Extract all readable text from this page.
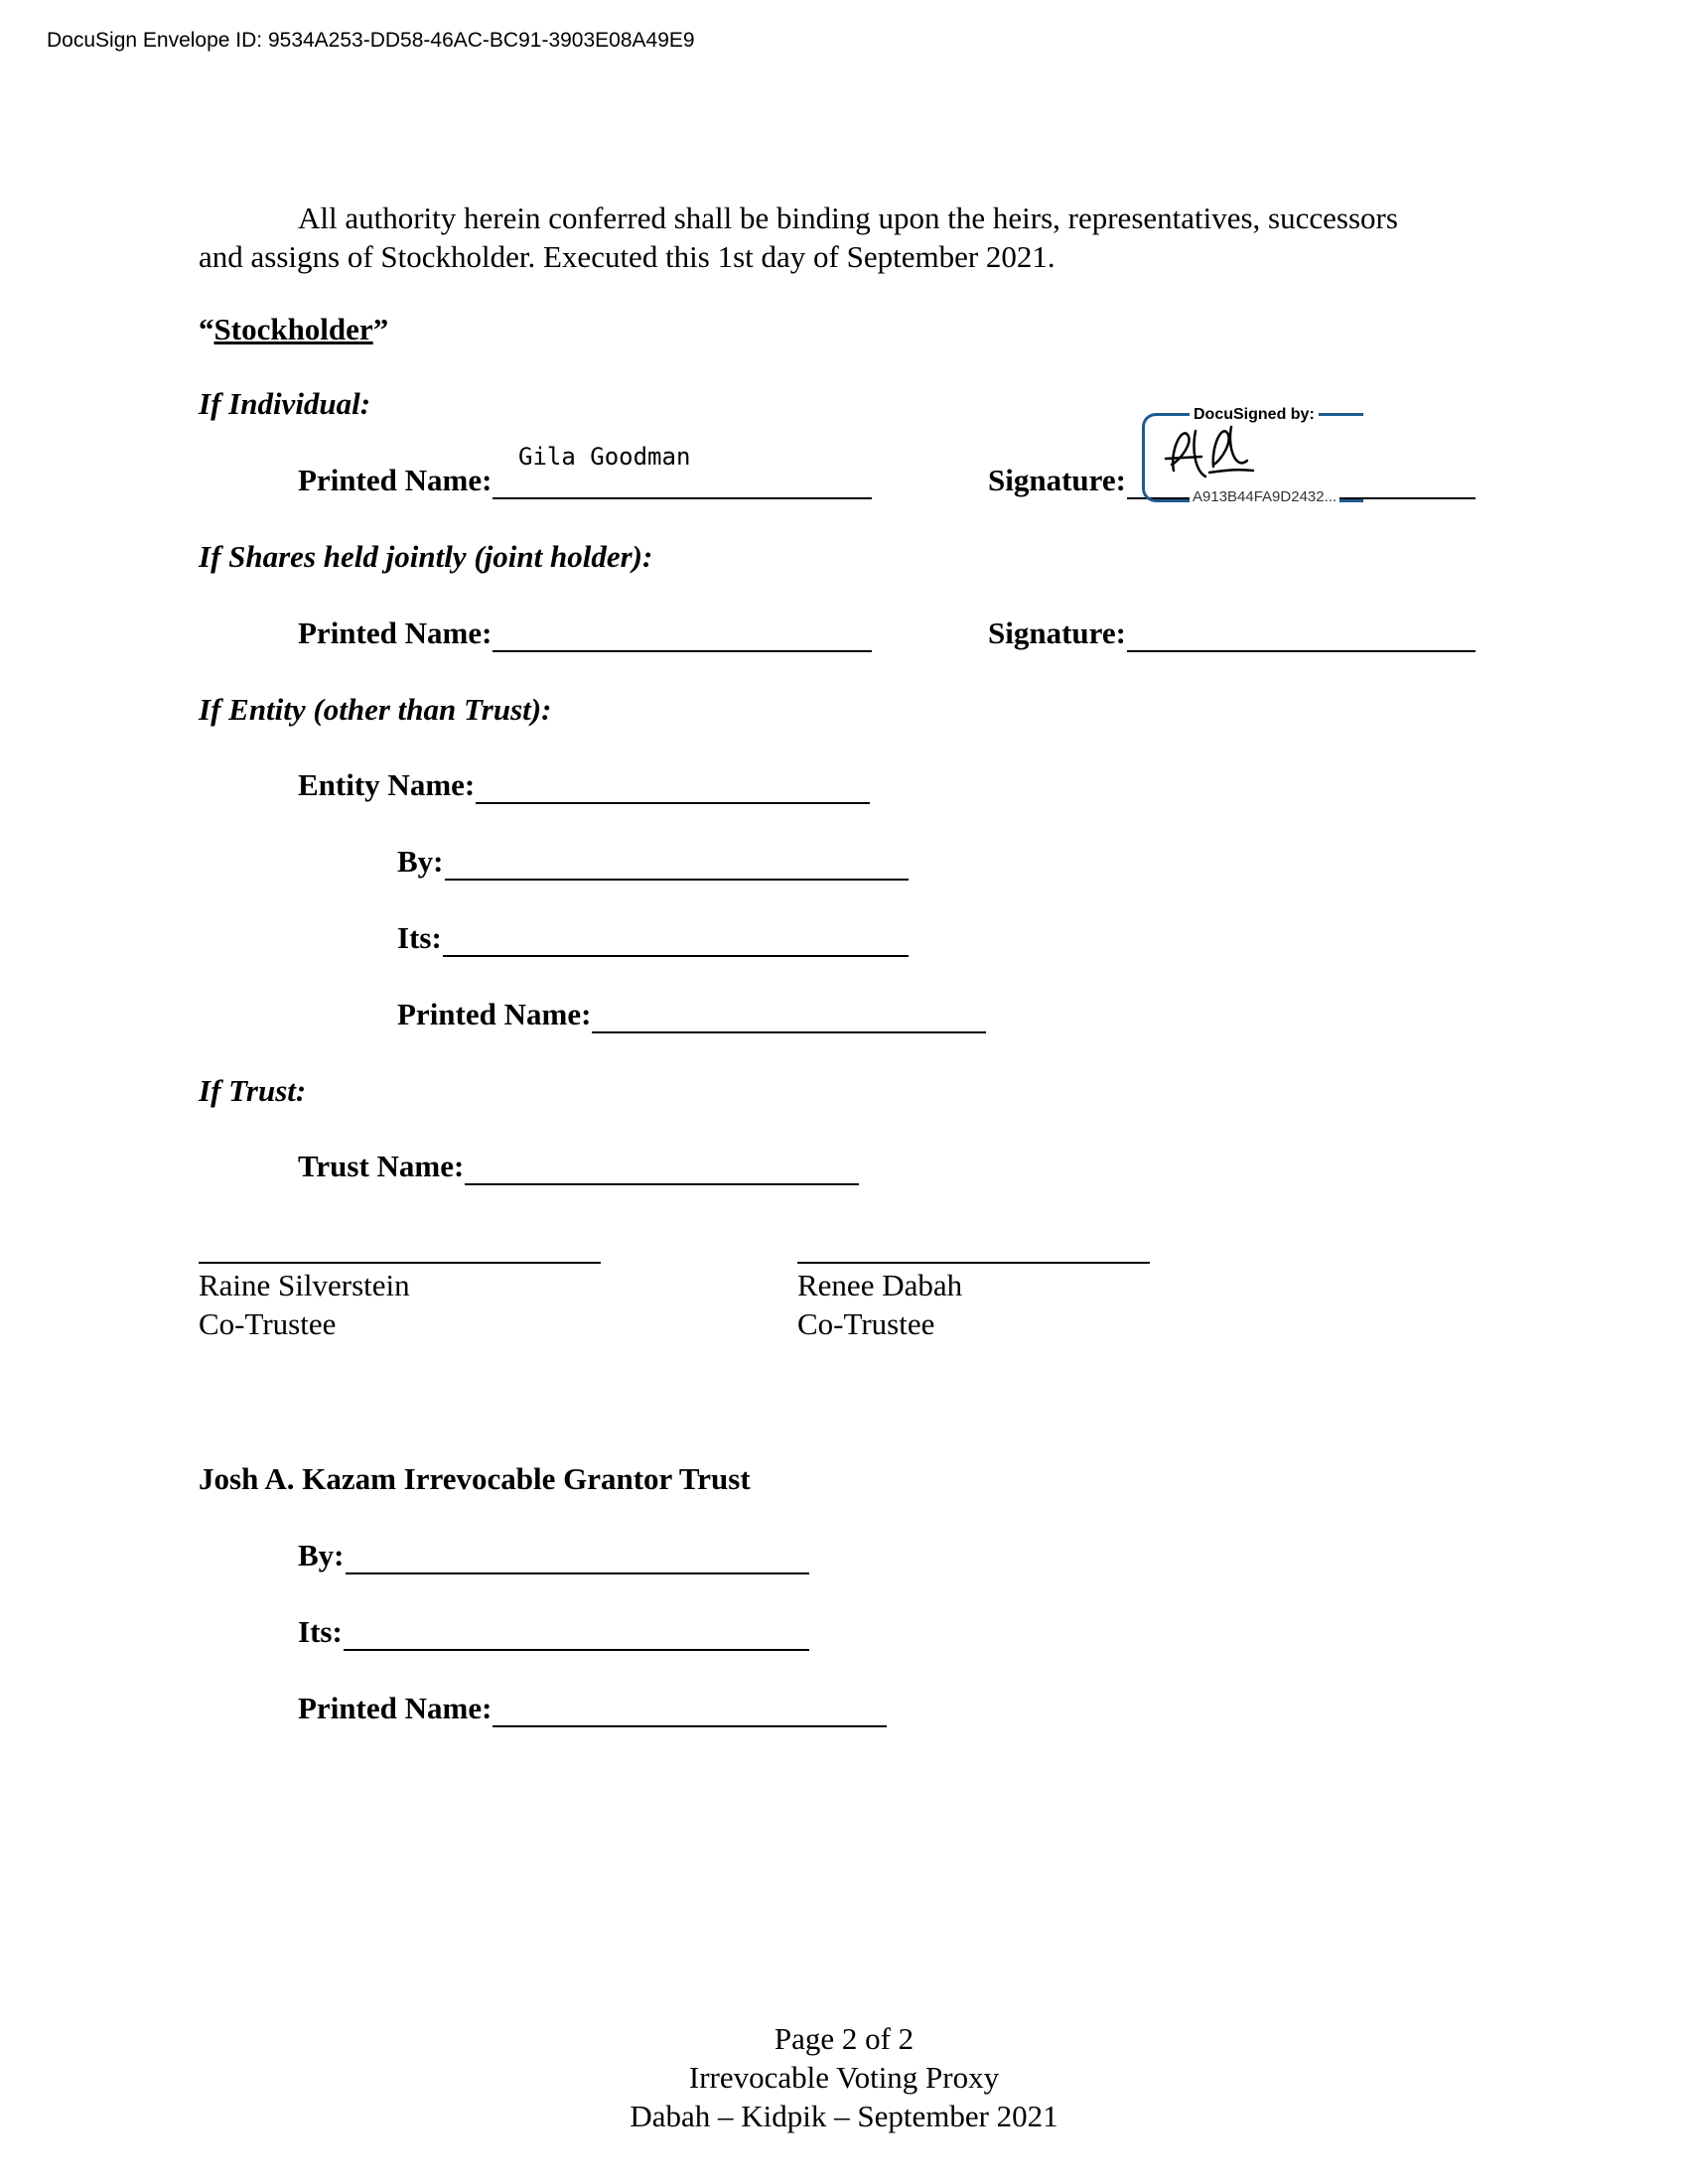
DocuSign Envelope ID: 9534A253-DD58-46AC-BC91-3903E08A49E9
All authority herein conferred shall be binding upon the heirs, representatives, successors
and assigns of Stockholder. Executed this 1st day of September 2021.
“Stockholder”
If Individual:
Gila Goodman
Printed Name:	Signature:
DocuSigned by:
A913B44FA9D2432...
If Shares held jointly (joint holder):
Printed Name:	Signature:
If Entity (other than Trust):
Entity Name:
By:
Its:
Printed Name:
If Trust:
Trust Name:
Raine Silverstein
Co-Trustee
Renee Dabah
Co-Trustee
Josh A. Kazam Irrevocable Grantor Trust
By:
Its:
Printed Name:
Page 2 of 2
Irrevocable Voting Proxy
Dabah – Kidpik – September 2021
